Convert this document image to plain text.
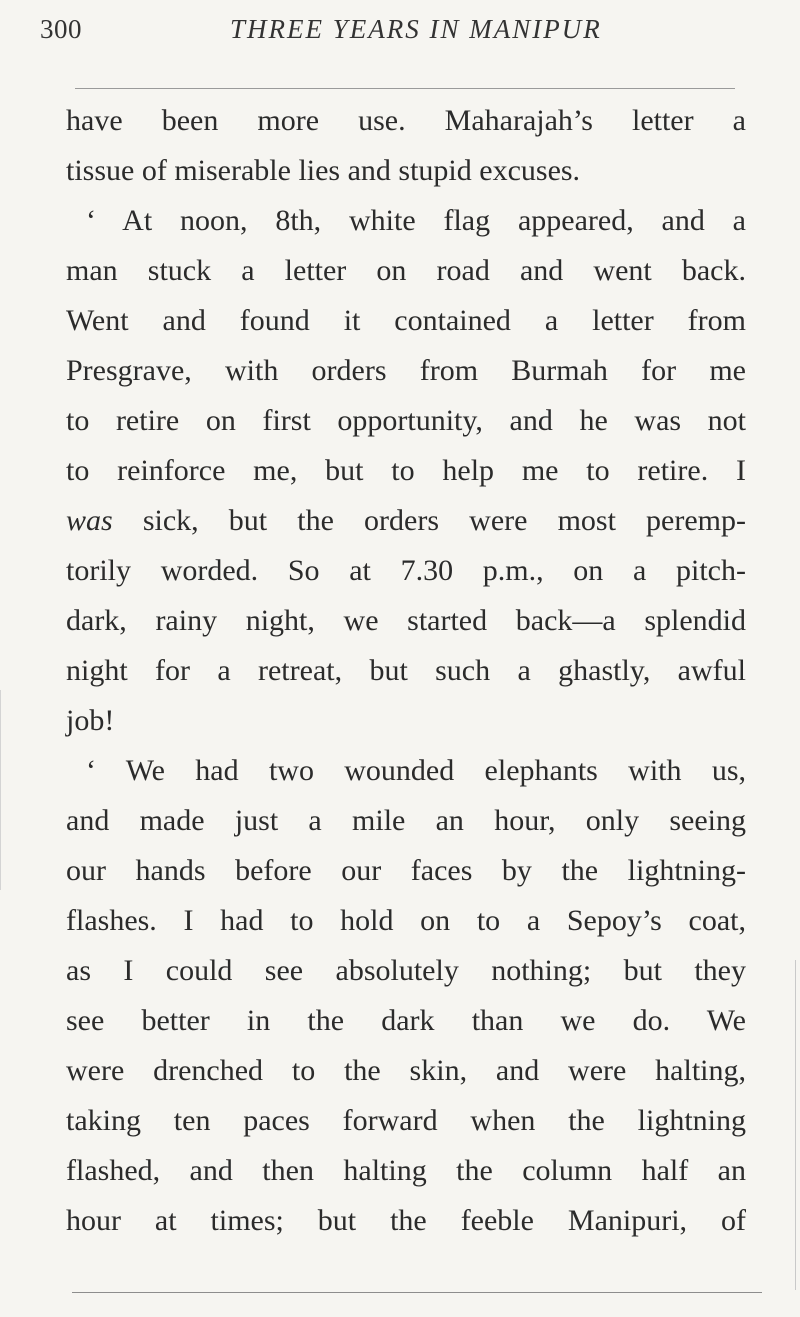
300	THREE YEARS IN MANIPUR
have been more use. Maharajah’s letter a
tissue of miserable lies and stupid excuses.
‘ At noon, 8th, white flag appeared, and a
man stuck a letter on road and went back.
Went and found it contained a letter from
Presgrave, with orders from Burmah for me
to retire on first opportunity, and he was not
to reinforce me, but to help me to retire. I
was sick, but the orders were most peremp-
torily worded. So at 7.30 p.m., on a pitch-
dark, rainy night, we started back—a splendid
night for a retreat, but such a ghastly, awful
job!
‘ We had two wounded elephants with us,
and made just a mile an hour, only seeing
our hands before our faces by the lightning-
flashes. I had to hold on to a Sepoy’s coat,
as I could see absolutely nothing; but they
see better in the dark than we do. We
were drenched to the skin, and were halting,
taking ten paces forward when the lightning
flashed, and then halting the column half an
hour at times; but the feeble Manipuri, of
